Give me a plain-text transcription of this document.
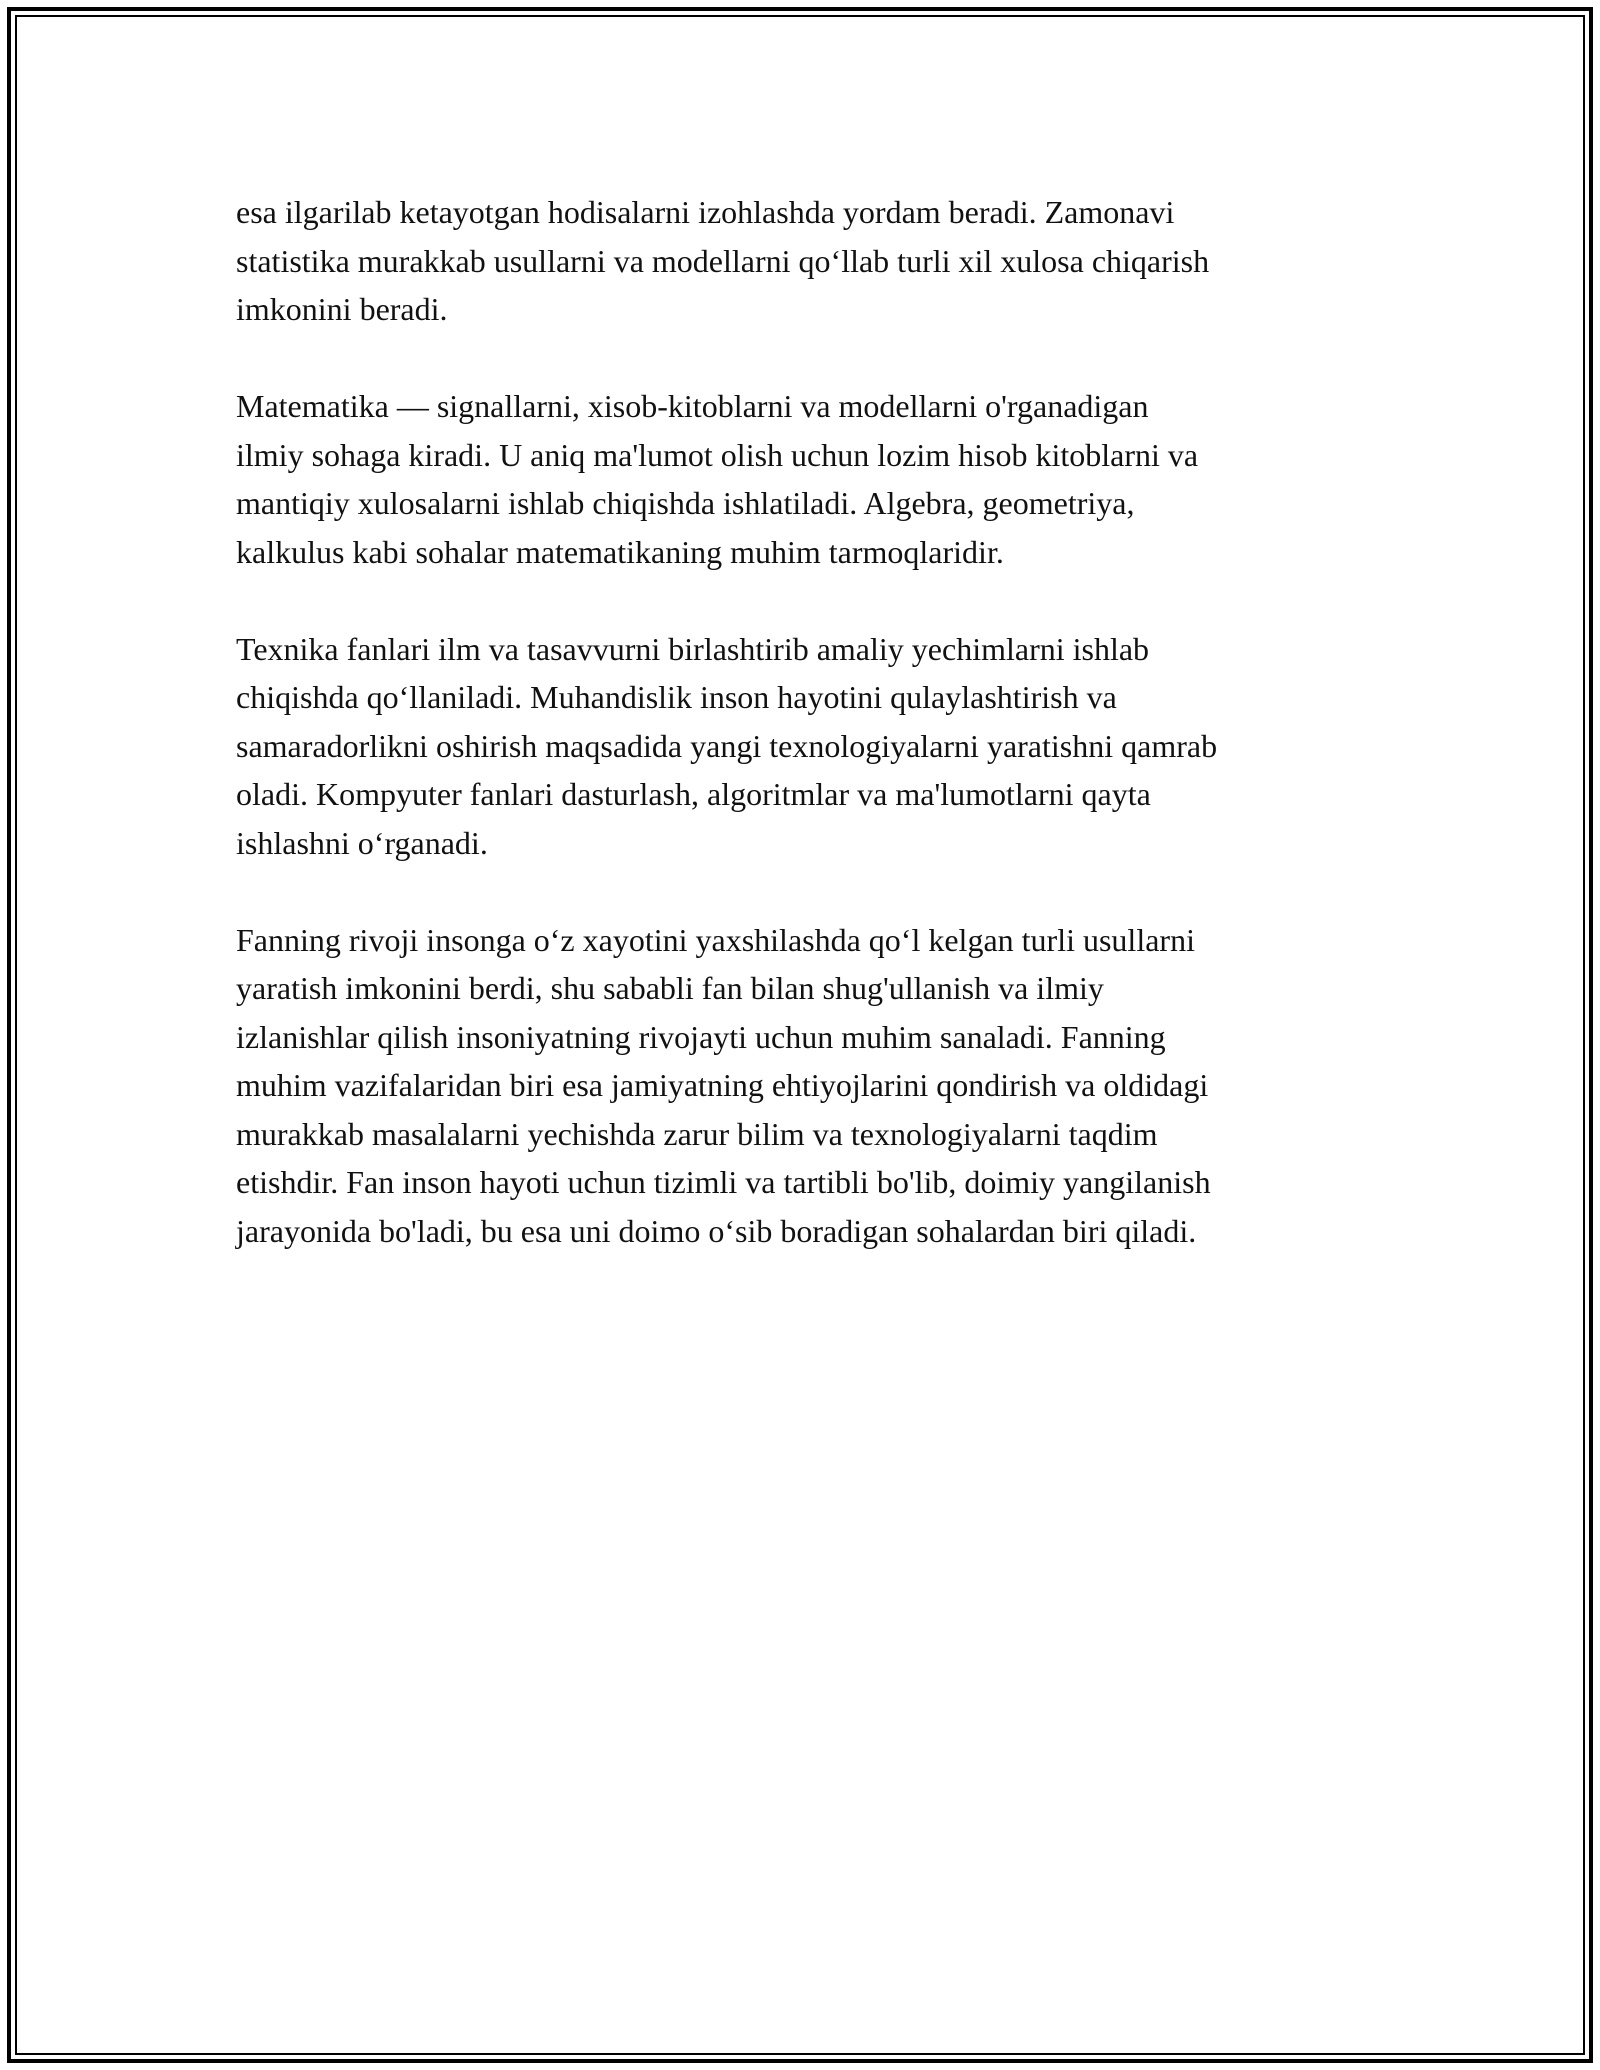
esa ilgarilab ketayotgan hodisalarni izohlashda yordam beradi. Zamonavi
statistika murakkab usullarni va modellarni qo‘llab turli xil xulosa chiqarish
imkonini beradi.

Matematika — signallarni, xisob-kitoblarni va modellarni o'rganadigan
ilmiy sohaga kiradi. U aniq ma'lumot olish uchun lozim hisob kitoblarni va
mantiqiy xulosalarni ishlab chiqishda ishlatiladi. Algebra, geometriya,
kalkulus kabi sohalar matematikaning muhim tarmoqlaridir.

Texnika fanlari ilm va tasavvurni birlashtirib amaliy yechimlarni ishlab
chiqishda qo‘llaniladi. Muhandislik inson hayotini qulaylashtirish va
samaradorlikni oshirish maqsadida yangi texnologiyalarni yaratishni qamrab
oladi. Kompyuter fanlari dasturlash, algoritmlar va ma'lumotlarni qayta
ishlashni o‘rganadi.

Fanning rivoji insonga o‘z xayotini yaxshilashda qo‘l kelgan turli usullarni
yaratish imkonini berdi, shu sababli fan bilan shug'ullanish va ilmiy
izlanishlar qilish insoniyatning rivojayti uchun muhim sanaladi. Fanning
muhim vazifalaridan biri esa jamiyatning ehtiyojlarini qondirish va oldidagi
murakkab masalalarni yechishda zarur bilim va texnologiyalarni taqdim
etishdir. Fan inson hayoti uchun tizimli va tartibli bo'lib, doimiy yangilanish
jarayonida bo'ladi, bu esa uni doimo o‘sib boradigan sohalardan biri qiladi.
